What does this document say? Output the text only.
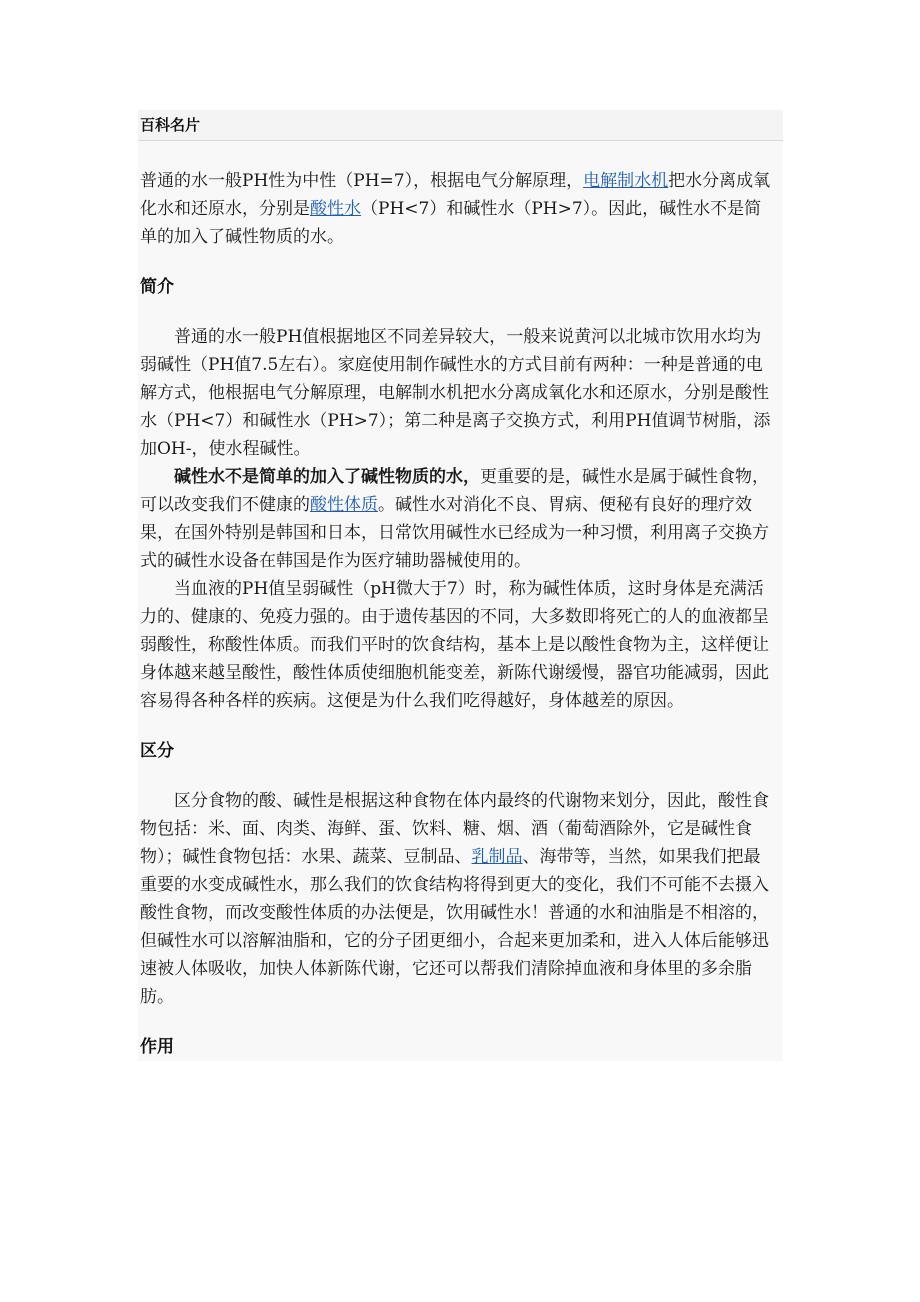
百科名片
普通的水一般PH性为中性（PH=7），根据电气分解原理，电解制水机把水分离成氧化水和还原水，分别是酸性水（PH<7）和碱性水（PH>7）。因此，碱性水不是简单的加入了碱性物质的水。
简介

普通的水一般PH值根据地区不同差异较大，一般来说黄河以北城市饮用水均为弱碱性（PH值7.5左右）。家庭使用制作碱性水的方式目前有两种：一种是普通的电解方式，他根据电气分解原理，电解制水机把水分离成氧化水和还原水，分别是酸性水（PH<7）和碱性水（PH>7）；第二种是离子交换方式，利用PH值调节树脂，添加OH-，使水程碱性。

碱性水不是简单的加入了碱性物质的水，更重要的是，碱性水是属于碱性食物，可以改变我们不健康的酸性体质。碱性水对消化不良、胃病、便秘有良好的理疗效果，在国外特别是韩国和日本，日常饮用碱性水已经成为一种习惯，利用离子交换方式的碱性水设备在韩国是作为医疗辅助器械使用的。

当血液的PH值呈弱碱性（pH微大于7）时，称为碱性体质，这时身体是充满活力的、健康的、免疫力强的。由于遗传基因的不同，大多数即将死亡的人的血液都呈弱酸性，称酸性体质。而我们平时的饮食结构，基本上是以酸性食物为主，这样便让身体越来越呈酸性，酸性体质使细胞机能变差，新陈代谢缓慢，器官功能减弱，因此容易得各种各样的疾病。这便是为什么我们吃得越好，身体越差的原因。

区分

区分食物的酸、碱性是根据这种食物在体内最终的代谢物来划分，因此，酸性食物包括：米、面、肉类、海鲜、蛋、饮料、糖、烟、酒（葡萄酒除外，它是碱性食物）；碱性食物包括：水果、蔬菜、豆制品、乳制品、海带等，当然，如果我们把最重要的水变成碱性水，那么我们的饮食结构将得到更大的变化，我们不可能不去摄入酸性食物，而改变酸性体质的办法便是，饮用碱性水！普通的水和油脂是不相溶的，但碱性水可以溶解油脂和，它的分子团更细小，合起来更加柔和，进入人体后能够迅速被人体吸收，加快人体新陈代谢，它还可以帮我们清除掉血液和身体里的多余脂肪。

作用
